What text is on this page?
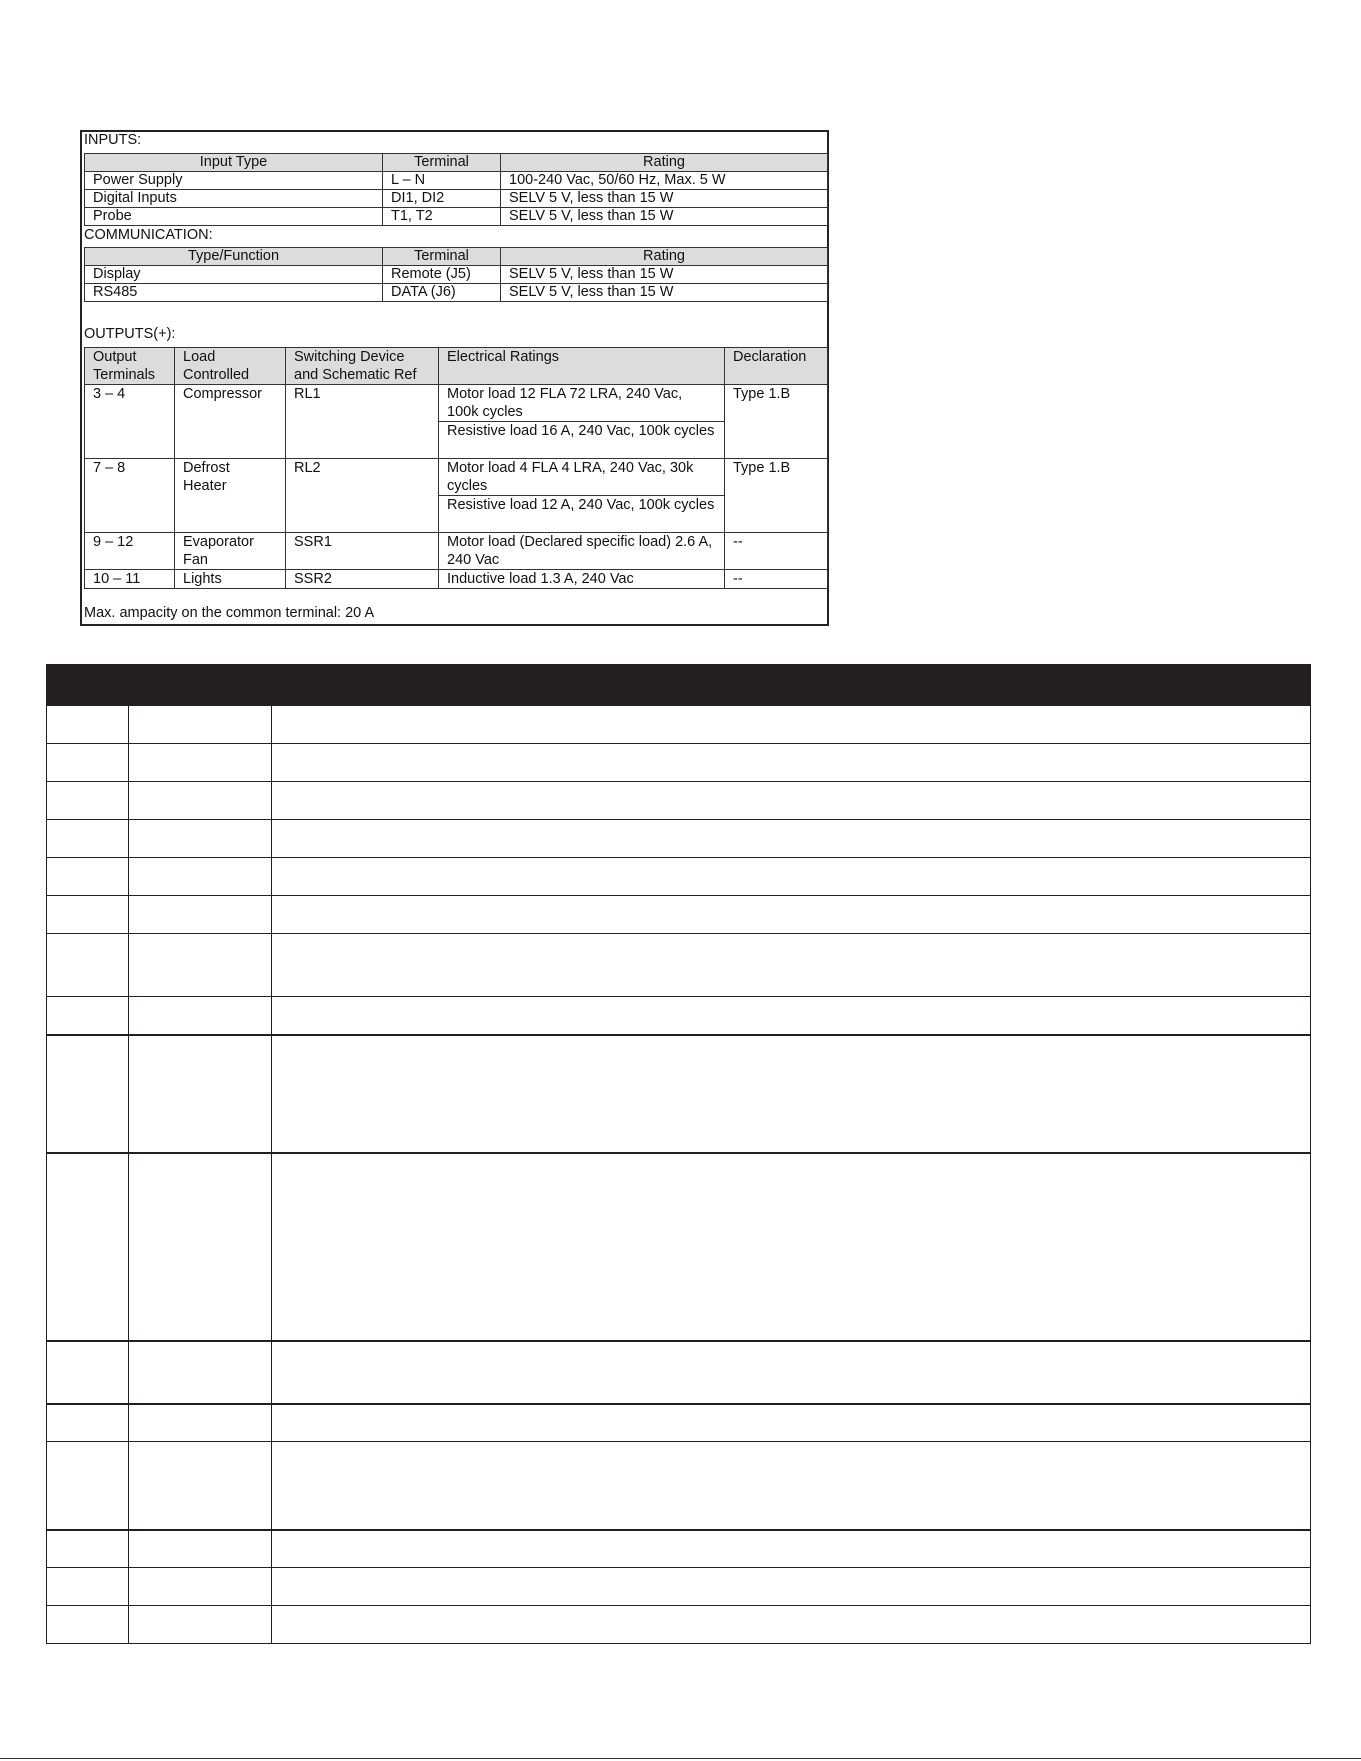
INPUTS:
Input Type	Terminal	Rating
Power Supply	L – N	100-240 Vac, 50/60 Hz, Max. 5 W
Digital Inputs	DI1, DI2	SELV 5 V, less than 15 W
Probe	T1, T2	SELV 5 V, less than 15 W
COMMUNICATION:
Type/Function	Terminal	Rating
Display	Remote (J5)	SELV 5 V, less than 15 W
RS485	DATA (J6)	SELV 5 V, less than 15 W
OUTPUTS(+):
Output Terminals	Load Controlled	Switching Device and Schematic Ref	Electrical Ratings	Declaration
3 – 4	Compressor	RL1	Motor load 12 FLA 72 LRA, 240 Vac, 100k cycles	Type 1.B
			Resistive load 16 A, 240 Vac, 100k cycles	
7 – 8	Defrost Heater	RL2	Motor load 4 FLA 4 LRA, 240 Vac, 30k cycles	Type 1.B
			Resistive load 12 A, 240 Vac, 100k cycles	
9 – 12	Evaporator Fan	SSR1	Motor load (Declared specific load) 2.6 A, 240 Vac	--
10 – 11	Lights	SSR2	Inductive load 1.3 A, 240 Vac	--
Max. ampacity on the common terminal: 20 A
